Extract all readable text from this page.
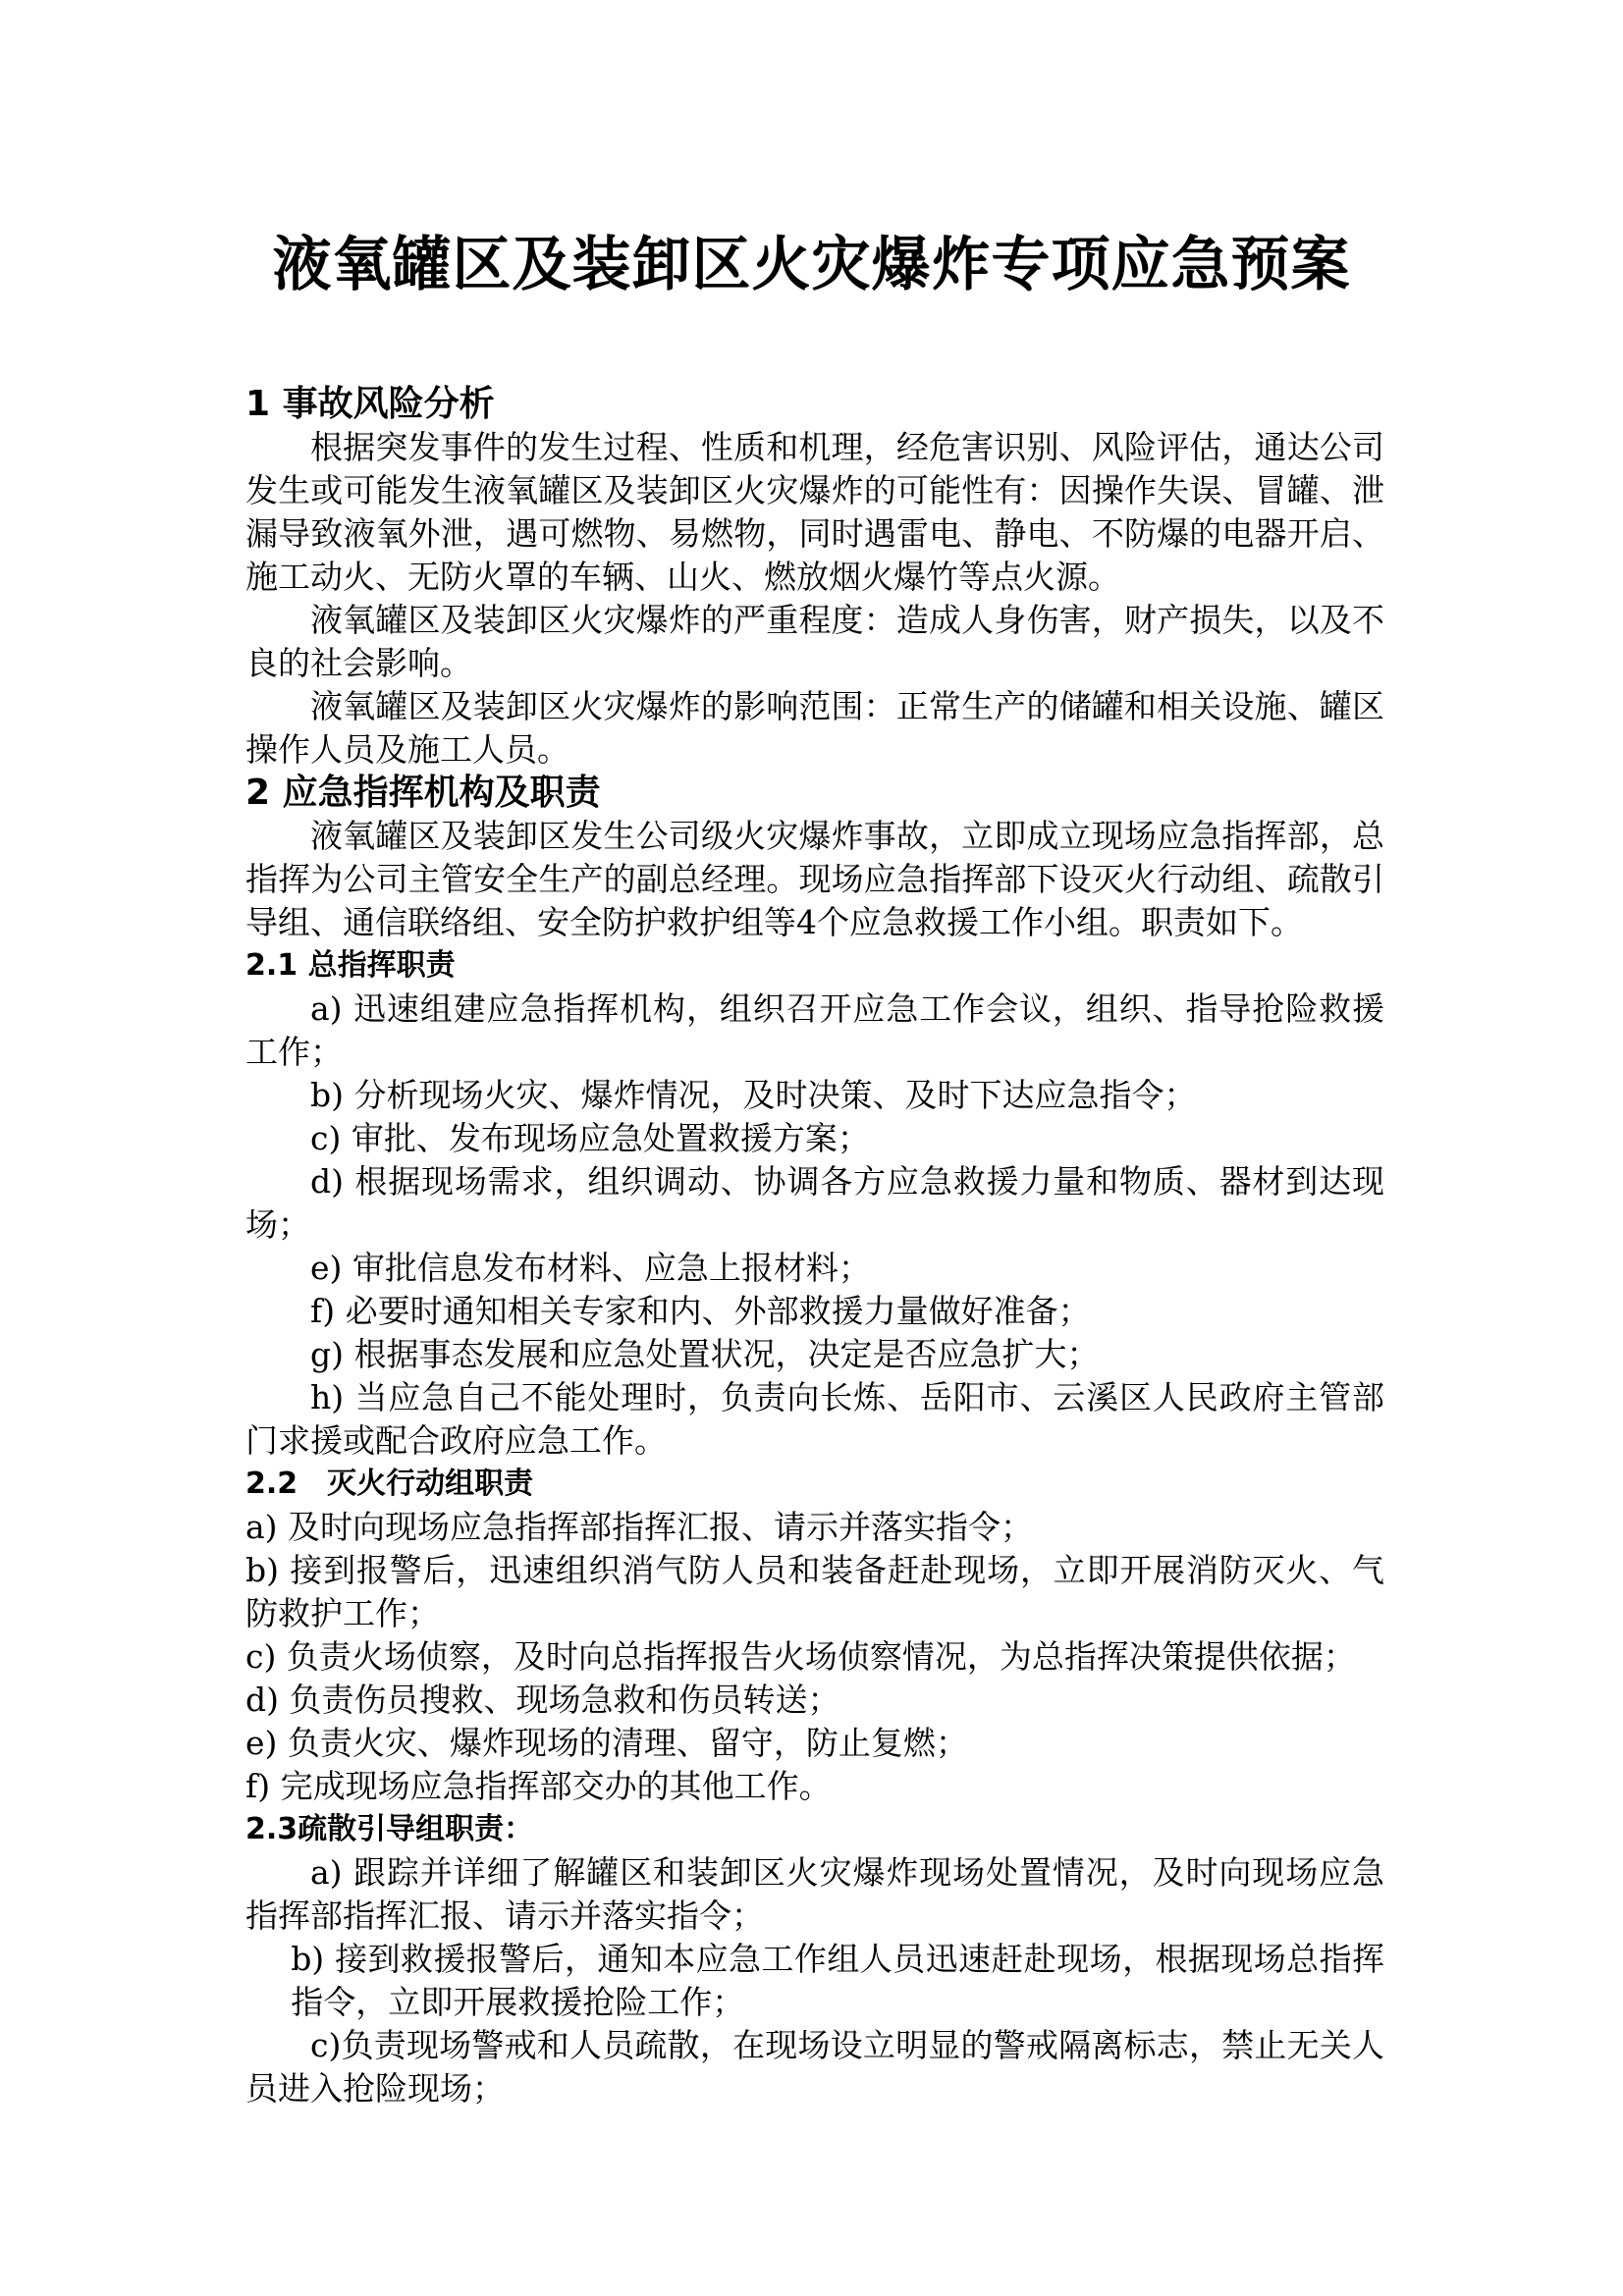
液氧罐区及装卸区火灾爆炸专项应急预案

1 事故风险分析

根据突发事件的发生过程、性质和机理，经危害识别、风险评估，通达公司发生或可能发生液氧罐区及装卸区火灾爆炸的可能性有：因操作失误、冒罐、泄漏导致液氧外泄，遇可燃物、易燃物，同时遇雷电、静电、不防爆的电器开启、施工动火、无防火罩的车辆、山火、燃放烟火爆竹等点火源。

液氧罐区及装卸区火灾爆炸的严重程度：造成人身伤害，财产损失，以及不良的社会影响。

液氧罐区及装卸区火灾爆炸的影响范围：正常生产的储罐和相关设施、罐区操作人员及施工人员。

2 应急指挥机构及职责

液氧罐区及装卸区发生公司级火灾爆炸事故，立即成立现场应急指挥部，总指挥为公司主管安全生产的副总经理。现场应急指挥部下设灭火行动组、疏散引导组、通信联络组、安全防护救护组等4个应急救援工作小组。职责如下。

2.1 总指挥职责

a) 迅速组建应急指挥机构，组织召开应急工作会议，组织、指导抢险救援工作；

b) 分析现场火灾、爆炸情况，及时决策、及时下达应急指令；

c) 审批、发布现场应急处置救援方案；

d) 根据现场需求，组织调动、协调各方应急救援力量和物质、器材到达现场；

e) 审批信息发布材料、应急上报材料；

f) 必要时通知相关专家和内、外部救援力量做好准备；

g) 根据事态发展和应急处置状况，决定是否应急扩大；

h) 当应急自己不能处理时，负责向长炼、岳阳市、云溪区人民政府主管部门求援或配合政府应急工作。

2.2　灭火行动组职责

a) 及时向现场应急指挥部指挥汇报、请示并落实指令；

b) 接到报警后，迅速组织消气防人员和装备赶赴现场，立即开展消防灭火、气防救护工作；

c) 负责火场侦察，及时向总指挥报告火场侦察情况，为总指挥决策提供依据；

d) 负责伤员搜救、现场急救和伤员转送；

e) 负责火灾、爆炸现场的清理、留守，防止复燃；

f) 完成现场应急指挥部交办的其他工作。

2.3疏散引导组职责：

a) 跟踪并详细了解罐区和装卸区火灾爆炸现场处置情况，及时向现场应急指挥部指挥汇报、请示并落实指令；

b) 接到救援报警后，通知本应急工作组人员迅速赶赴现场，根据现场总指挥指令，立即开展救援抢险工作；

c)负责现场警戒和人员疏散，在现场设立明显的警戒隔离标志，禁止无关人员进入抢险现场；
